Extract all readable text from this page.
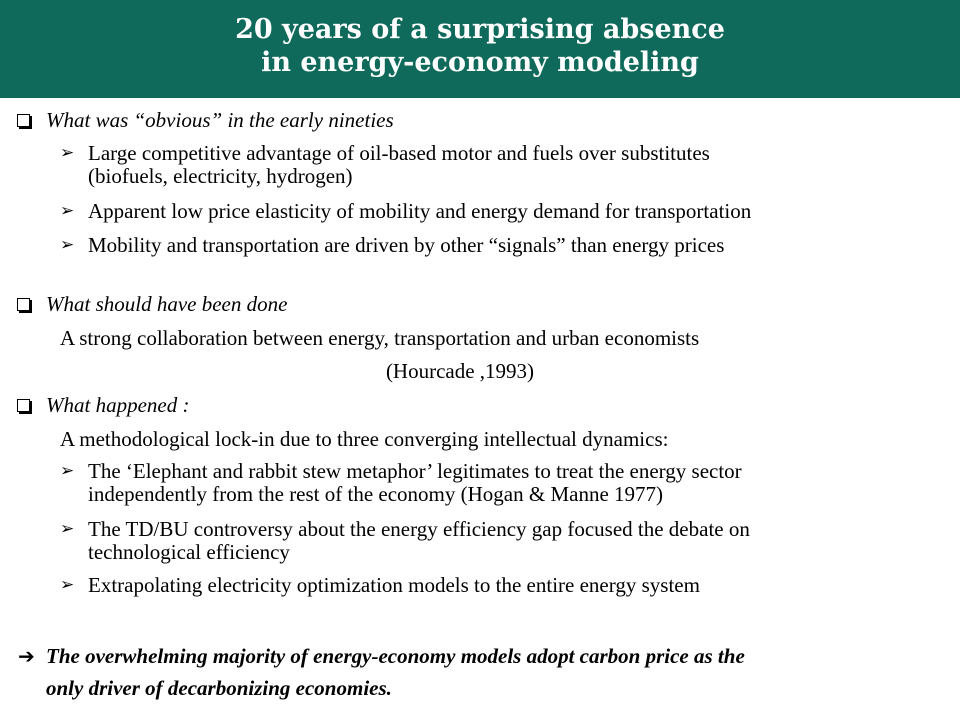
20 years of a surprising absence
in energy-economy modeling
What was “obvious” in the early nineties
➢ Large competitive advantage of oil-based motor and fuels over substitutes
(biofuels, electricity, hydrogen)
➢ Apparent low price elasticity of mobility and energy demand for transportation
➢ Mobility and transportation are driven by other “signals” than energy prices
What should have been done
A strong collaboration between energy, transportation and urban economists
(Hourcade ,1993)
What happened :
A methodological lock-in due to three converging intellectual dynamics:
➢ The ‘Elephant and rabbit stew metaphor’ legitimates to treat the energy sector
independently from the rest of the economy (Hogan & Manne 1977)
➢ The TD/BU controversy about the energy efficiency gap focused the debate on
technological efficiency
➢ Extrapolating electricity optimization models to the entire energy system
➔ The overwhelming majority of energy-economy models adopt carbon price as the
only driver of decarbonizing economies.
